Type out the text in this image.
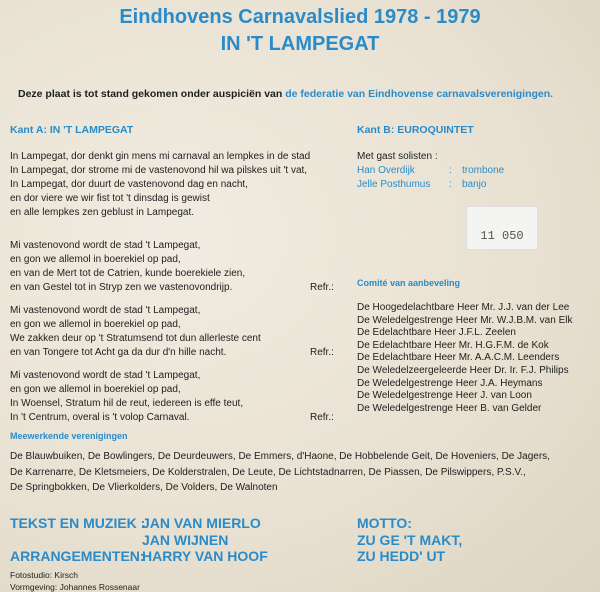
Eindhovens Carnavalslied 1978 - 1979
IN 'T LAMPEGAT
Deze plaat is tot stand gekomen onder auspiciën van de federatie van Eindhovense carnavalsverenigingen.
Kant A: IN 'T LAMPEGAT
In Lampegat, dor denkt gin mens mi carnaval an lempkes in de stad
In Lampegat, dor strome mi de vastenovond hil wa pilskes uit 't vat,
In Lampegat, dor duurt de vastenovond dag en nacht,
en dor viere we wir fist tot 't dinsdag is gewist
en alle lempkes zen geblust in Lampegat.
Mi vastenovond wordt de stad 't Lampegat,
en gon we allemol in boerekiel op pad,
en van de Mert tot de Catrien, kunde boerekiele zien,
en van Gestel tot in Stryp zen we vastenovondrijp.	Refr.:
Mi vastenovond wordt de stad 't Lampegat,
en gon we allemol in boerekiel op pad,
We zakken deur op 't Stratumsend tot dun allerleste cent
en van Tongere tot Acht ga da dur d'n hille nacht.	Refr.:
Mi vastenovond wordt de stad 't Lampegat,
en gon we allemol in boerekiel op pad,
In Woensel, Stratum hil de reut, iedereen is effe teut,
In 't Centrum, overal is 't volop Carnaval.	Refr.:
Kant B: EUROQUINTET
Met gast solisten :
Han Overdijk	: trombone
Jelle Posthumus : banjo
11 050
Comité van aanbeveling
De Hoogedelachtbare Heer Mr. J.J. van der Lee
De Weledelgestrenge Heer Mr. W.J.B.M. van Elk
De Edelachtbare Heer J.F.L. Zeelen
De Edelachtbare Heer Mr. H.G.F.M. de Kok
De Edelachtbare Heer Mr. A.A.C.M. Leenders
De Weledelzeergeleerde Heer Dr. Ir. F.J. Philips
De Weledelgestrenge Heer J.A. Heymans
De Weledelgestrenge Heer J. van Loon
De Weledelgestrenge Heer B. van Gelder
Meewerkende verenigingen
De Blauwbuiken, De Bowlingers, De Deurdeuwers, De Emmers, d'Haone, De Hobbelende Geit, De Hoveniers, De Jagers,
De Karrenarre, De Kletsmeiers, De Kolderstralen, De Leute, De Lichtstadnarren, De Piassen, De Pilswippers, P.S.V.,
De Springbokken, De Vlierkolders, De Volders, De Walnoten
TEKST EN MUZIEK :JAN VAN MIERLO
JAN WIJNEN
ARRANGEMENTEN:HARRY VAN HOOF
MOTTO:
ZU GE 'T MAKT,
ZU HEDD' UT
Fotostudio: Kirsch
Vormgeving: Johannes Rossenaar
